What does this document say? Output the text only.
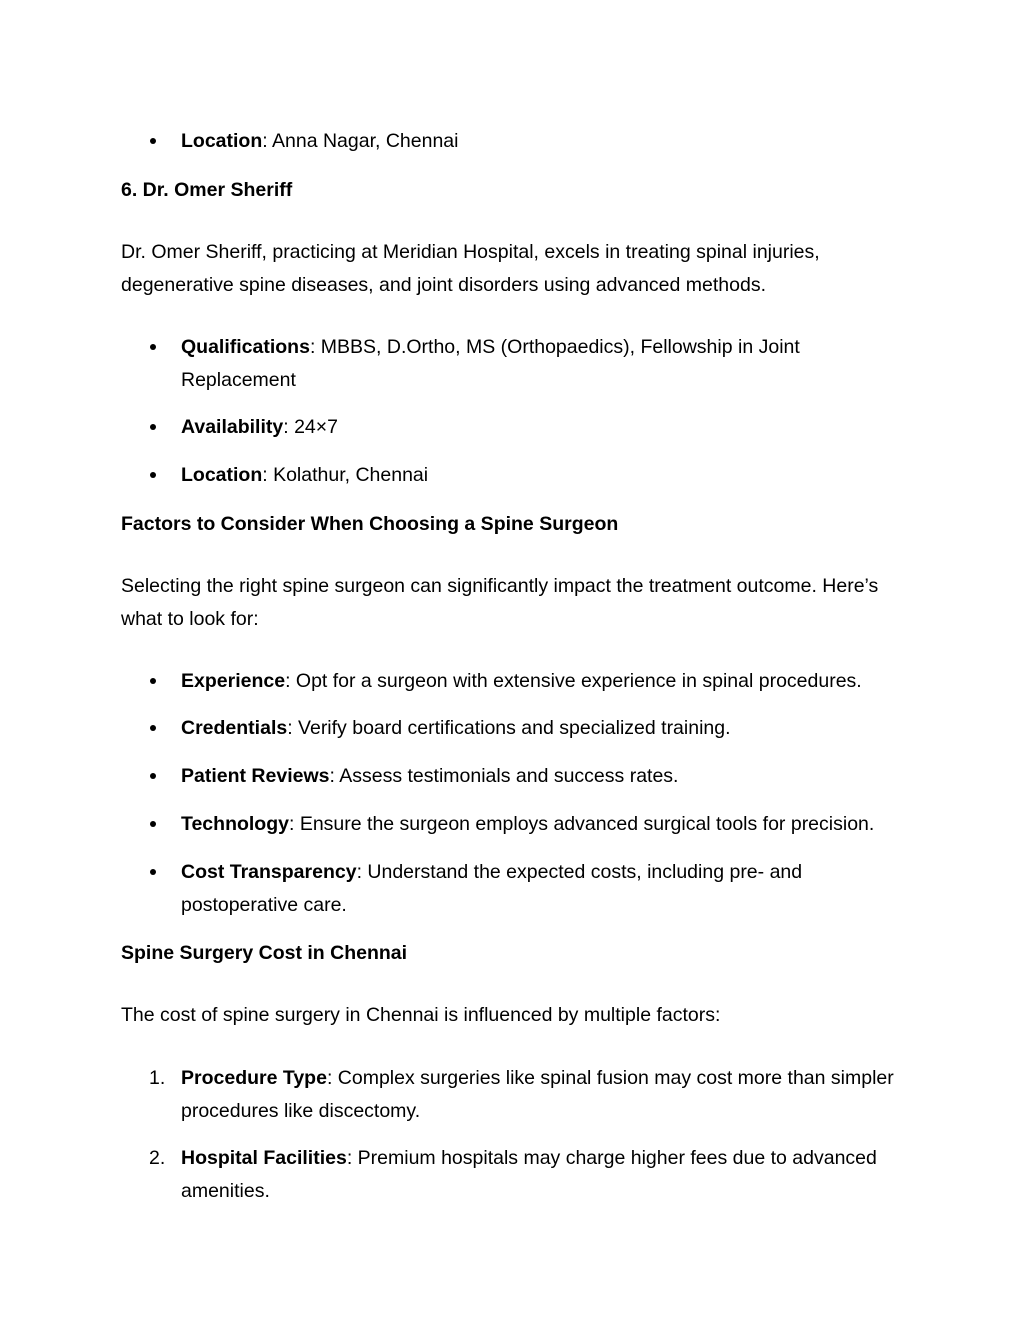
Location: Anna Nagar, Chennai
6. Dr. Omer Sheriff
Dr. Omer Sheriff, practicing at Meridian Hospital, excels in treating spinal injuries, degenerative spine diseases, and joint disorders using advanced methods.
Qualifications: MBBS, D.Ortho, MS (Orthopaedics), Fellowship in Joint Replacement
Availability: 24×7
Location: Kolathur, Chennai
Factors to Consider When Choosing a Spine Surgeon
Selecting the right spine surgeon can significantly impact the treatment outcome. Here’s what to look for:
Experience: Opt for a surgeon with extensive experience in spinal procedures.
Credentials: Verify board certifications and specialized training.
Patient Reviews: Assess testimonials and success rates.
Technology: Ensure the surgeon employs advanced surgical tools for precision.
Cost Transparency: Understand the expected costs, including pre- and postoperative care.
Spine Surgery Cost in Chennai
The cost of spine surgery in Chennai is influenced by multiple factors:
1. Procedure Type: Complex surgeries like spinal fusion may cost more than simpler procedures like discectomy.
2. Hospital Facilities: Premium hospitals may charge higher fees due to advanced amenities.
